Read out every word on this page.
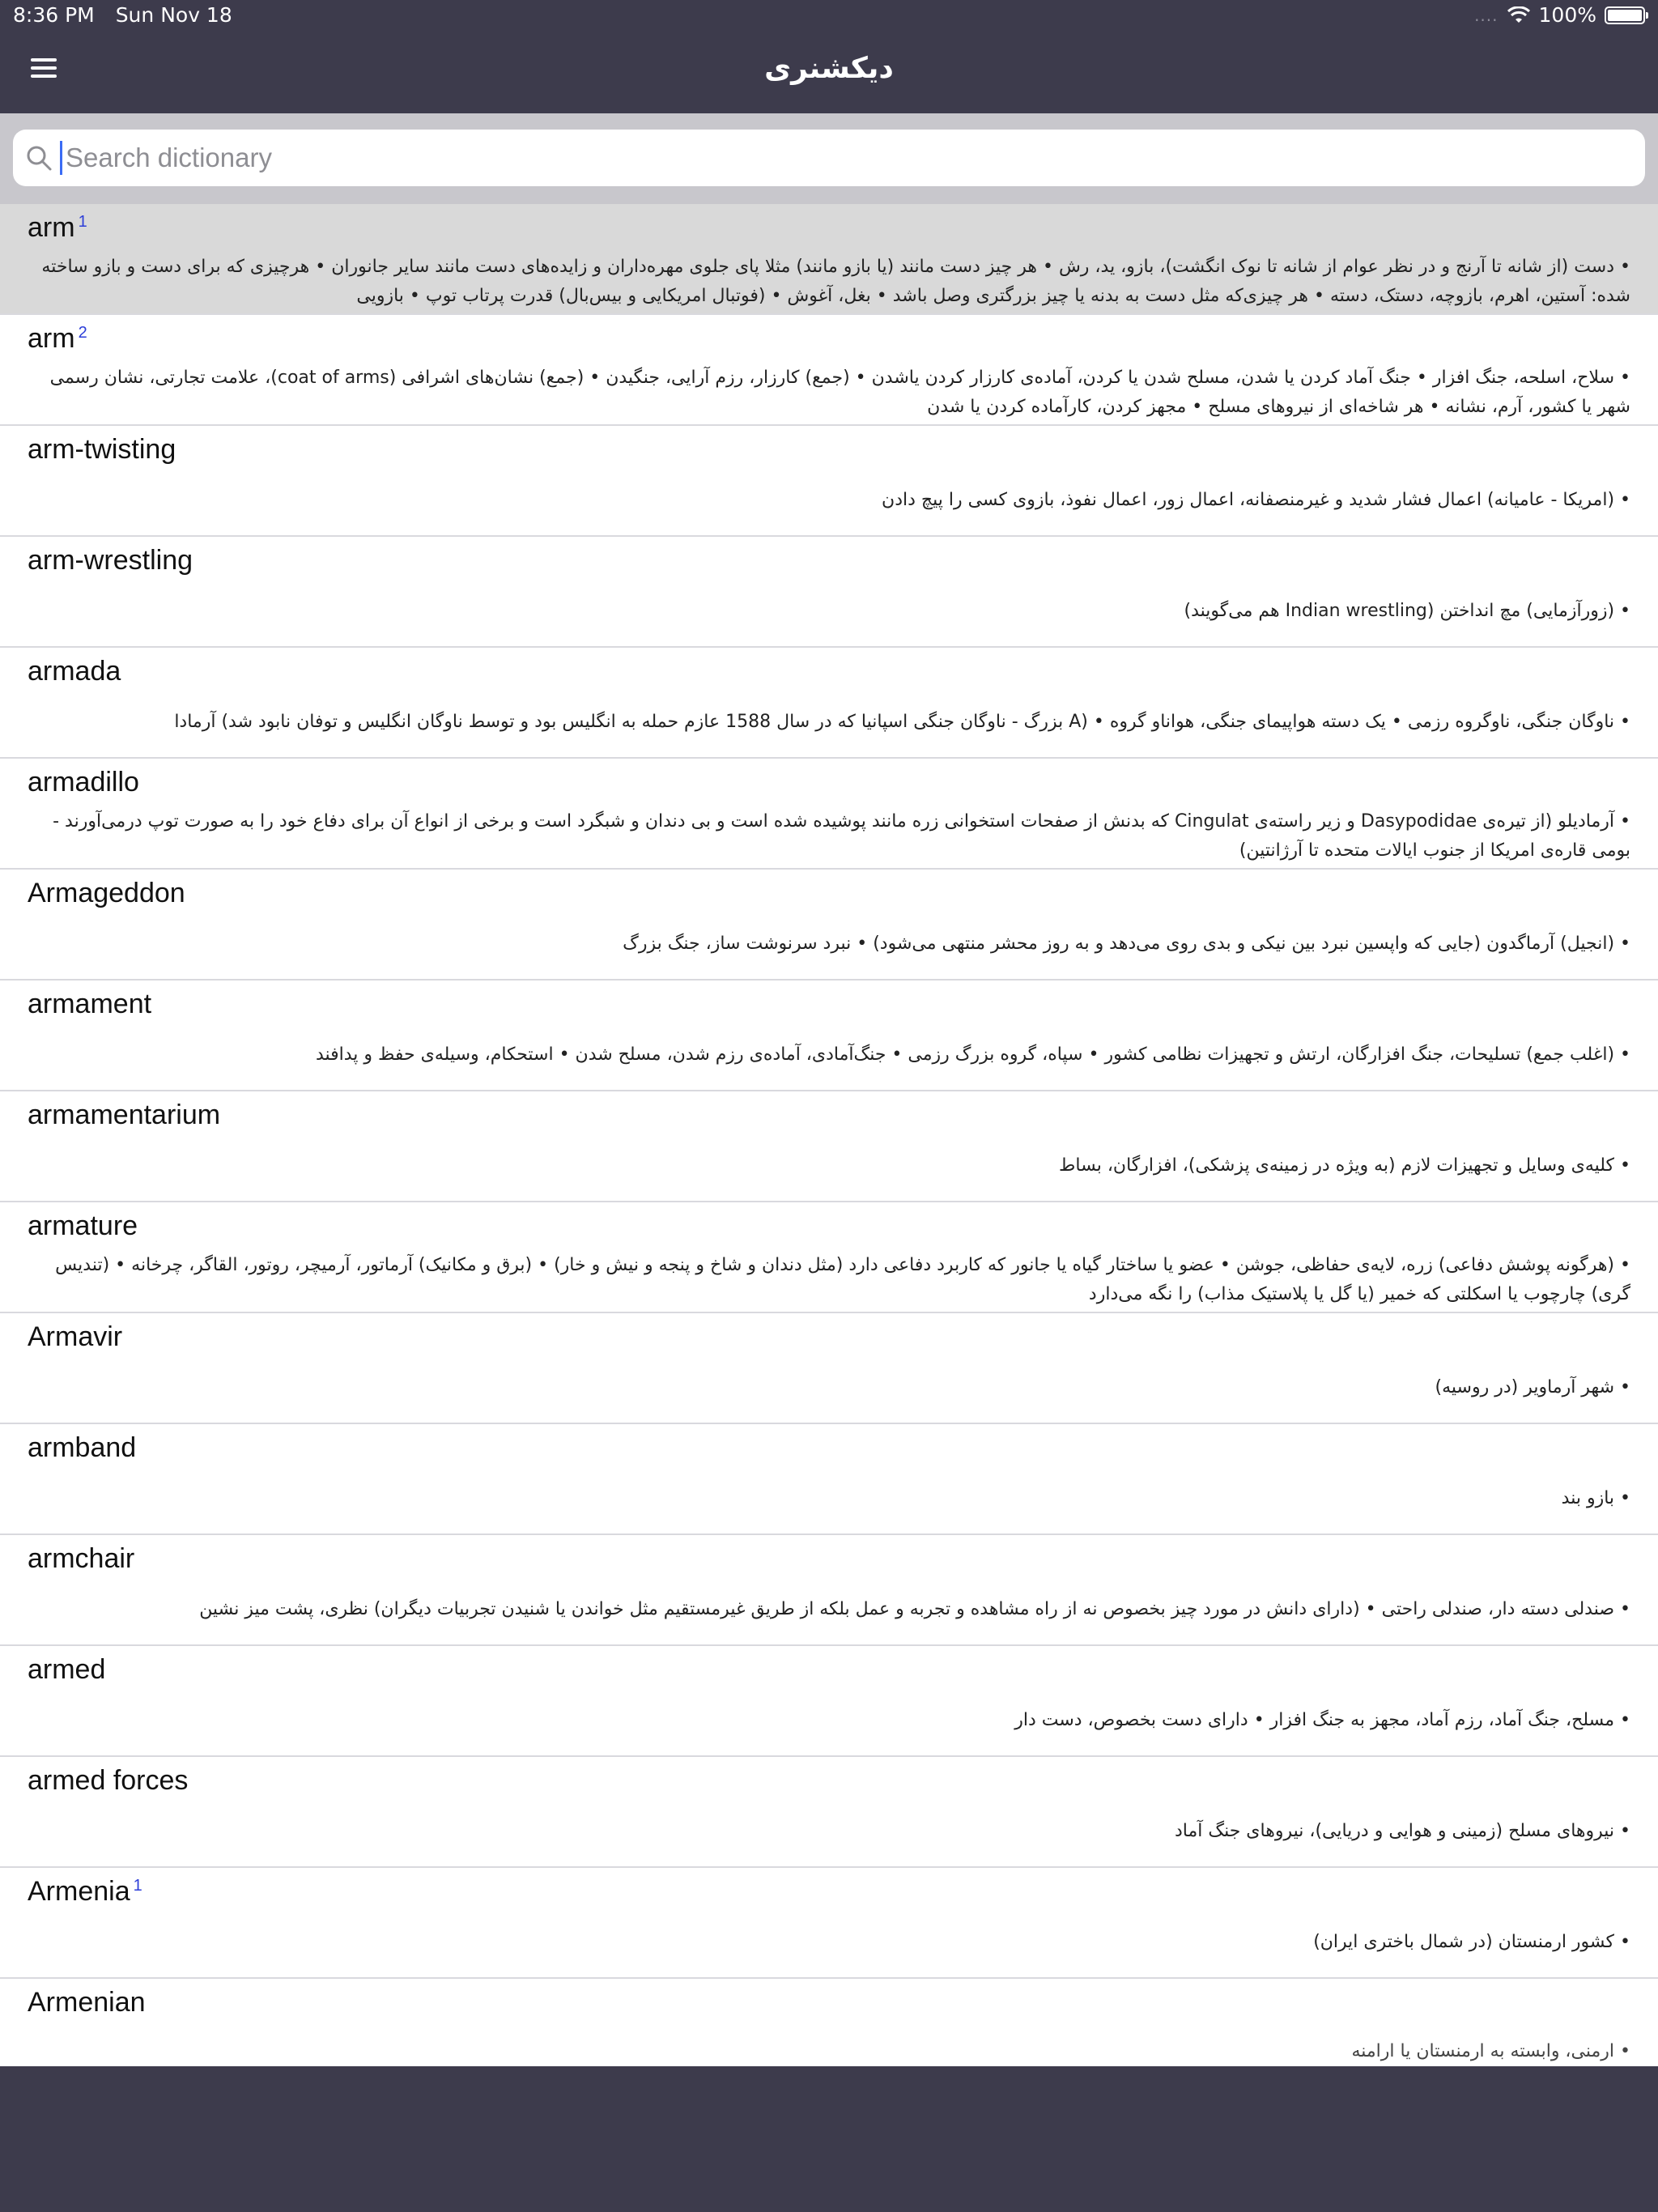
8:36 PM Sun Nov 18	.... 100%
دیکشنری
Search dictionary
arm $^1$
• دست (از شانه تا آرنج و در نظر عوام از شانه تا نوک انگشت)، بازو، ید، رش • هر چیز دست مانند (یا بازو مانند) مثلا پای جلوی مهره‌داران و زایده‌های دست مانند سایر جانوران • هرچیزی که برای دست و بازو ساخته شده: آستین، اهرم، بازوچه، دستک، دسته • هر چیزی‌که مثل دست به بدنه یا چیز بزرگتری وصل باشد • بغل، آغوش • (فوتبال امریکایی و بیس‌بال) قدرت پرتاب توپ • بازویی
arm $^2$
• سلاح، اسلحه، جنگ افزار • جنگ آماد کردن یا شدن، مسلح شدن یا کردن، آماده‌ی کارزار کردن یاشدن • (جمع) کارزار، رزم آرایی، جنگیدن • (جمع) نشان‌های اشرافی (coat of arms)، علامت تجارتی، نشان رسمی شهر یا کشور، آرم، نشانه • هر شاخه‌ای از نیروهای مسلح • مجهز کردن، کارآماده کردن یا شدن
arm-twisting
• (امریکا - عامیانه) اعمال فشار شدید و غیرمنصفانه، اعمال زور، اعمال نفوذ، بازوی کسی را پیچ دادن
arm-wrestling
• (زورآزمایی) مچ انداختن (Indian wrestling هم می‌گویند)
armada
• ناوگان جنگی، ناوگروه رزمی • یک دسته هواپیمای جنگی، هواناو گروه • (A بزرگ - ناوگان جنگی اسپانیا که در سال 1588 عازم حمله به انگلیس بود و توسط ناوگان انگلیس و توفان نابود شد) آرمادا
armadillo
• آرمادیلو (از تیره‌ی Dasypodidae و زیر راسته‌ی Cingulat که بدنش از صفحات استخوانی زره مانند پوشیده شده است و بی دندان و شبگرد است و برخی از انواع آن برای دفاع خود را به صورت توپ درمی‌آورند - بومی قاره‌ی امریکا از جنوب ایالات متحده تا آرژانتین)
Armageddon
• (انجیل) آرماگدون (جایی که واپسین نبرد بین نیکی و بدی روی می‌دهد و به روز محشر منتهی می‌شود) • نبرد سرنوشت ساز، جنگ بزرگ
armament
• (اغلب جمع) تسلیحات، جنگ افزارگان، ارتش و تجهیزات نظامی کشور • سپاه، گروه بزرگ رزمی • جنگ‌آمادی، آماده‌ی رزم شدن، مسلح شدن • استحکام، وسیله‌ی حفظ و پدافند
armamentarium
• کلیه‌ی وسایل و تجهیزات لازم (به ویژه در زمینه‌ی پزشکی)، افزارگان، بساط
armature
• (هرگونه پوشش دفاعی) زره، لایه‌ی حفاظی، جوشن • عضو یا ساختار گیاه یا جانور که کاربرد دفاعی دارد (مثل دندان و شاخ و پنجه و نیش و خار) • (برق و مکانیک) آرماتور، آرمیچر، روتور، القاگر، چرخانه • (تندیس گری) چارچوب یا اسکلتی که خمیر (یا گل یا پلاستیک مذاب) را نگه می‌دارد
Armavir
• شهر آرماویر (در روسیه)
armband
• بازو بند
armchair
• صندلی دسته دار، صندلی راحتی • (دارای دانش در مورد چیز بخصوص نه از راه مشاهده و تجربه و عمل بلکه از طریق غیرمستقیم مثل خواندن یا شنیدن تجربیات دیگران) نظری، پشت میز نشین
armed
• مسلح، جنگ آماد، رزم آماد، مجهز به جنگ افزار • دارای دست بخصوص، دست دار
armed forces
• نیروهای مسلح (زمینی و هوایی و دریایی)، نیروهای جنگ آماد
Armenia $^1$
• کشور ارمنستان (در شمال باختری ایران)
Armenian
• ارمنی، وابسته به ارمنستان یا ارامنه
